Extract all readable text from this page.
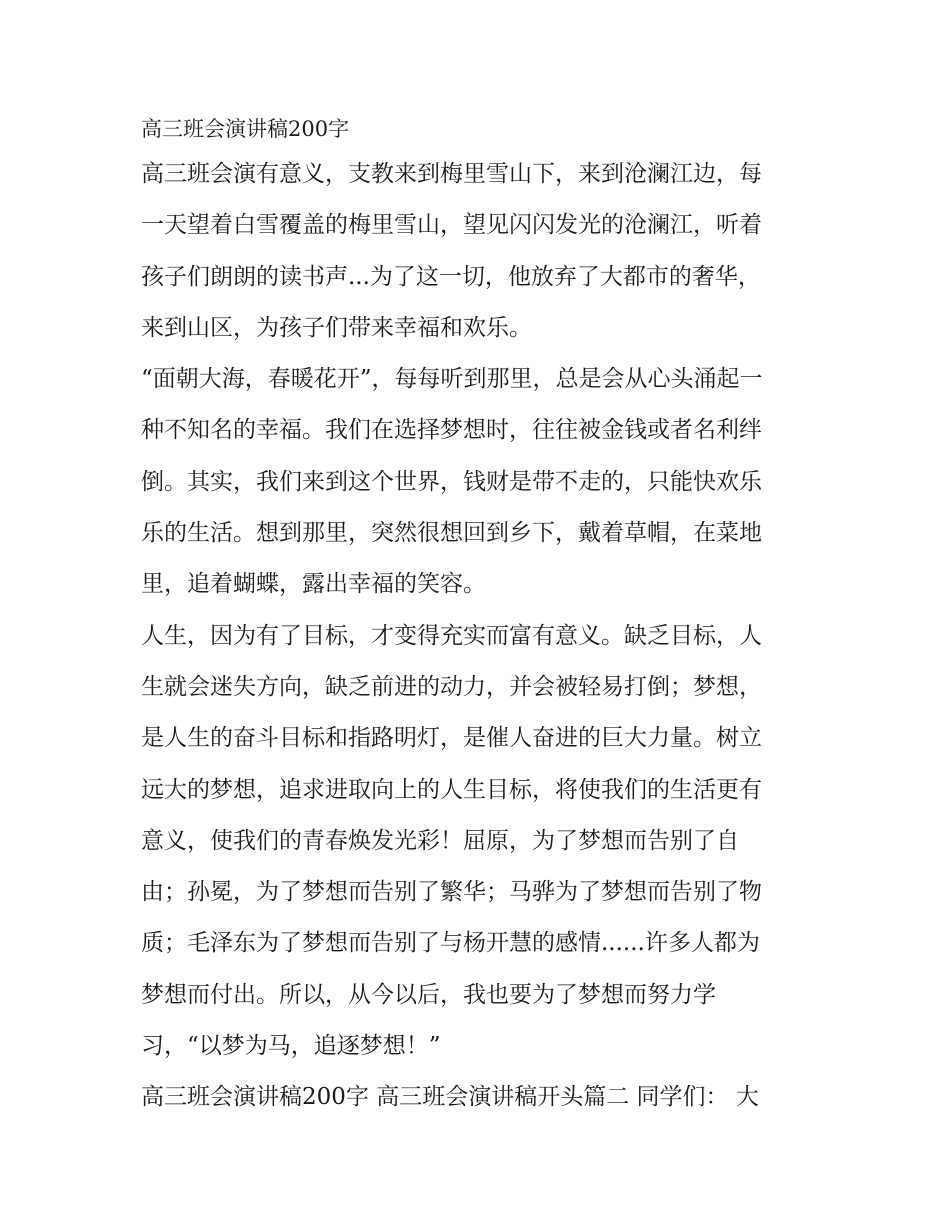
高三班会演讲稿200字

高三班会演有意义，支教来到梅里雪山下，来到沧澜江边，每
一天望着白雪覆盖的梅里雪山，望见闪闪发光的沧澜江，听着
孩子们朗朗的读书声...为了这一切，他放弃了大都市的奢华，
来到山区，为孩子们带来幸福和欢乐。

“面朝大海，春暖花开”，每每听到那里，总是会从心头涌起一
种不知名的幸福。我们在选择梦想时，往往被金钱或者名利绊
倒。其实，我们来到这个世界，钱财是带不走的，只能快欢乐
乐的生活。想到那里，突然很想回到乡下，戴着草帽，在菜地
里，追着蝴蝶，露出幸福的笑容。

人生，因为有了目标，才变得充实而富有意义。缺乏目标，人
生就会迷失方向，缺乏前进的动力，并会被轻易打倒；梦想，
是人生的奋斗目标和指路明灯，是催人奋进的巨大力量。树立
远大的梦想，追求进取向上的人生目标，将使我们的生活更有
意义，使我们的青春焕发光彩！屈原，为了梦想而告别了自
由；孙冕，为了梦想而告别了繁华；马骅为了梦想而告别了物
质；毛泽东为了梦想而告别了与杨开慧的感情......许多人都为
梦想而付出。所以，从今以后，我也要为了梦想而努力学
习，“以梦为马，追逐梦想！”

高三班会演讲稿200字 高三班会演讲稿开头篇二 同学们： 大
